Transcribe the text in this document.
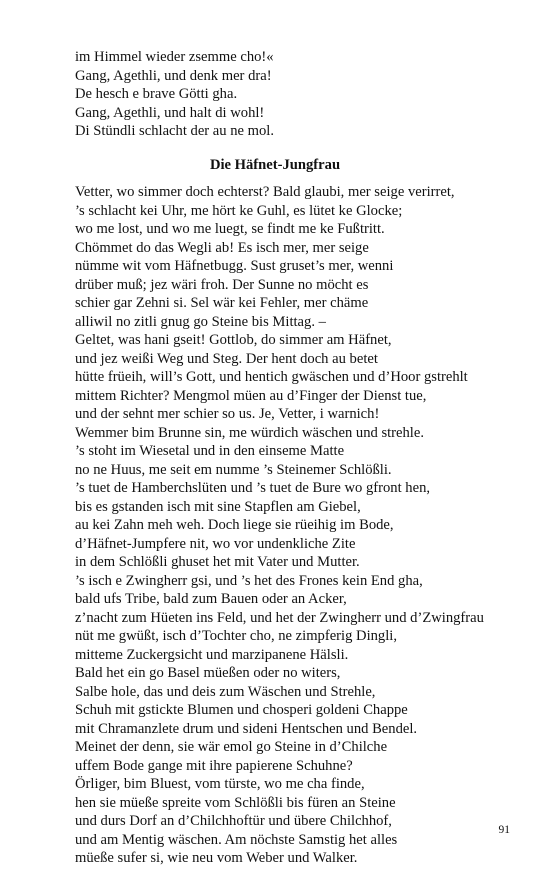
im Himmel wieder zsemme cho!«
Gang, Agethli, und denk mer dra!
De hesch e brave Götti gha.
Gang, Agethli, und halt di wohl!
Di Stündli schlacht der au ne mol.
Die Häfnet-Jungfrau
Vetter, wo simmer doch echterst? Bald glaubi, mer seige verirret,
’s schlacht kei Uhr, me hört ke Guhl, es lütet ke Glocke;
wo me lost, und wo me luegt, se findt me ke Fußtritt.
Chömmet do das Wegli ab! Es isch mer, mer seige
nümme wit vom Häfnetbugg. Sust gruset’s mer, wenni
drüber muß; jez wäri froh. Der Sunne no möcht es
schier gar Zehni si. Sel wär kei Fehler, mer chäme
alliwil no zitli gnug go Steine bis Mittag. –
Geltet, was hani gseit! Gottlob, do simmer am Häfnet,
und jez weißi Weg und Steg. Der hent doch au betet
hütte früeih, will’s Gott, und hentich gwäschen und d’Hoor gstrehlt
mittem Richter? Mengmol müen au d’Finger der Dienst tue,
und der sehnt mer schier so us. Je, Vetter, i warnich!
Wemmer bim Brunne sin, me würdich wäschen und strehle.
’s stoht im Wiesetal und in den einseme Matte
no ne Huus, me seit em numme ’s Steinemer Schlößli.
’s tuet de Hamberchslüten und ’s tuet de Bure wo gfront hen,
bis es gstanden isch mit sine Stapflen am Giebel,
au kei Zahn meh weh. Doch liege sie rüeihig im Bode,
d’Häfnet-Jumpfere nit, wo vor undenkliche Zite
in dem Schlößli ghuset het mit Vater und Mutter.
’s isch e Zwingherr gsi, und ’s het des Frones kein End gha,
bald ufs Tribe, bald zum Bauen oder an Acker,
z’nacht zum Hüeten ins Feld, und het der Zwingherr und d’Zwingfrau
nüt me gwüßt, isch d’Tochter cho, ne zimpferig Dingli,
mitteme Zuckergsicht und marzipanene Hälsli.
Bald het ein go Basel müeßen oder no witers,
Salbe hole, das und deis zum Wäschen und Strehle,
Schuh mit gstickte Blumen und chosperi goldeni Chappe
mit Chramanzlete drum und sideni Hentschen und Bendel.
Meinet der denn, sie wär emol go Steine in d’Chilche
uffem Bode gange mit ihre papierene Schuhne?
Örliger, bim Bluest, vom türste, wo me cha finde,
hen sie müeße spreite vom Schlößli bis füren an Steine
und durs Dorf an d’Chilchhoftür und übere Chilchhof,
und am Mentig wäschen. Am nöchste Samstig het alles
müeße sufer si, wie neu vom Weber und Walker.
91
